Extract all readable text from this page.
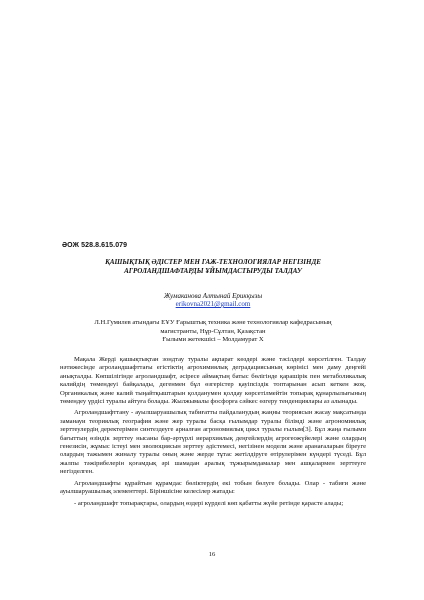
ӘОЖ 528.8.615.079
ҚАШЫҚТЫҚ ӘДІСТЕР МЕН ГАЖ-ТЕХНОЛОГИЯЛАР НЕГІЗІНДЕ
АГРОЛАНДШАФТАРДЫ ҰЙЫМДАСТЫРУДЫ ТАЛДАУ
Жумаканова Алтынай Ерикқызы
erikovna2021@gmail.com
Л.Н.Гумилев атындағы ЕҰУ Ғарыштық техника және технологиялар кафедрасының
магистранты, Нұр-Сұлтан, Қазақстан
Ғылыми жетекшісі – Молдамурат Х

Мақала Жерді қашықтықтан зондтау туралы ақпарат көздері және тәсілдері көрсетілген. Талдау нәтижесінде агроландшафттағы егістіктің агрохимиялық деградациясының көрінісі мен даму деңгейі анықталды. Көпшілігінде агроландшафт, әсіресе аймақтың батыс бөлігінде қарашірік пен метаболикалық калийдің төмендеуі байқалады, дегенмен бұл өзгерістер қауіпсіздік топтарынан асып кеткен жоқ. Органикалық және калий тыңайтқыштарын қолданумен қолдау көрсетілмейтін топырақ құнарлылығының төмендеу үрдісі туралы айтуға болады. Жылжымалы фосфорға сәйкес өзгеру тенденциялары аз алынады.

Агроландшафттану - ауылшаруашылық табиғатты пайдаланудың жаңны теориясын жасау мақсатында заманауи теориялық география және жер туралы басқа ғылымдар туралы білімді және агрономиялық зерттеулердің деректерімен синтездеуге арналған агрономиялық цикл туралы ғылым[3]. Бұл жаңа ғылыми бағыттың өзіндік зерттеу нысаны бар-әртүрлі иерархиялық деңгейлердің агрогеожүйелері және олардың генезисін, жұмыс істеуі мен эволюциясын зерттеу әдістемесі, негізінен модели және аранағаларын біреуге олардың тажымен жиналу туралы оның және жерде тұтас жетілдіруге өтірулерімен күндері түседі. Бұл жалпы тәжірибелерін қоғамдық әрі шамадан аралық тұжырымдамалар мен ашқалармен зерттеуге негізделген.

Агроландшафты құрайтын құрамдас бөліктердің екі тобын бөлуге болады. Олар - табиғи және ауылшаруашылық элементтері. Біріншісіне келесілер жатады:

- агроландшафт топырақтары, олардың өздері күрделі көп қабатты жүйе ретінде қарасте алады;

16
